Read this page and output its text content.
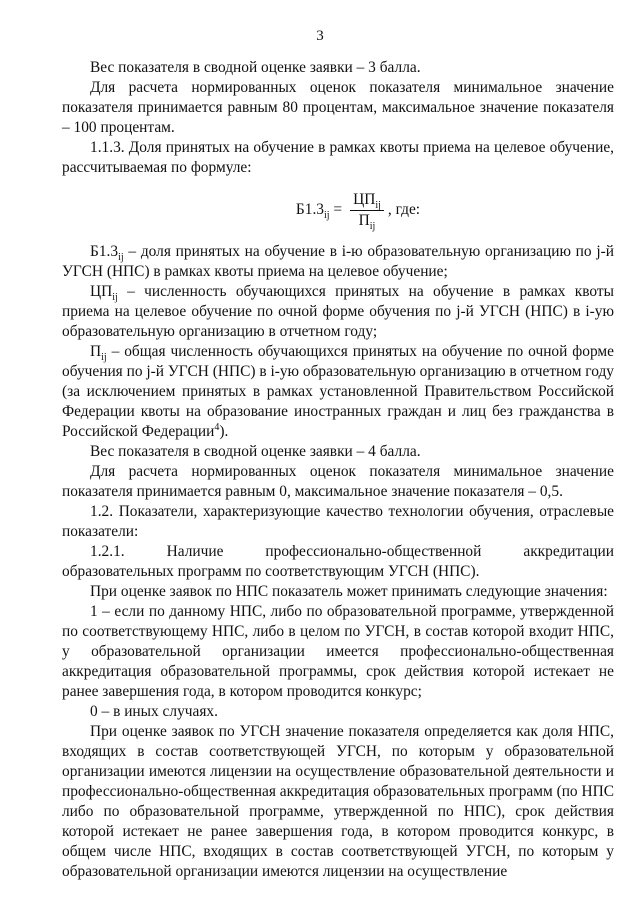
3

Вес показателя в сводной оценке заявки – 3 балла.

Для расчета нормированных оценок показателя минимальное значение показателя принимается равным 80 процентам, максимальное значение показателя – 100 процентам.

1.1.3. Доля принятых на обучение в рамках квоты приема на целевое обучение, рассчитываемая по формуле:

$Б1.3_{ij} = \frac{ЦП_{ij}}{П_{ij}}$ , где:

$Б1.3_{ij}$ – доля принятых на обучение в i-ю образовательную организацию по j-й УГСН (НПС) в рамках квоты приема на целевое обучение;

$ЦП_{ij}$ – численность обучающихся принятых на обучение в рамках квоты приема на целевое обучение по очной форме обучения по j-й УГСН (НПС) в i-ую образовательную организацию в отчетном году;

$П_{ij}$ – общая численность обучающихся принятых на обучение по очной форме обучения по j-й УГСН (НПС) в i-ую образовательную организацию в отчетном году (за исключением принятых в рамках установленной Правительством Российской Федерации квоты на образование иностранных граждан и лиц без гражданства в Российской Федерации$^4$).

Вес показателя в сводной оценке заявки – 4 балла.

Для расчета нормированных оценок показателя минимальное значение показателя принимается равным 0, максимальное значение показателя – 0,5.

1.2. Показатели, характеризующие качество технологии обучения, отраслевые показатели:

1.2.1. Наличие профессионально-общественной аккредитации образовательных программ по соответствующим УГСН (НПС).

При оценке заявок по НПС показатель может принимать следующие значения:

1 – если по данному НПС, либо по образовательной программе, утвержденной по соответствующему НПС, либо в целом по УГСН, в состав которой входит НПС, у образовательной организации имеется профессионально-общественная аккредитация образовательной программы, срок действия которой истекает не ранее завершения года, в котором проводится конкурс;

0 – в иных случаях.

При оценке заявок по УГСН значение показателя определяется как доля НПС, входящих в состав соответствующей УГСН, по которым у образовательной организации имеются лицензии на осуществление образовательной деятельности и профессионально-общественная аккредитация образовательных программ (по НПС либо по образовательной программе, утвержденной по НПС), срок действия которой истекает не ранее завершения года, в котором проводится конкурс, в общем числе НПС, входящих в состав соответствующей УГСН, по которым у образовательной организации имеются лицензии на осуществление
